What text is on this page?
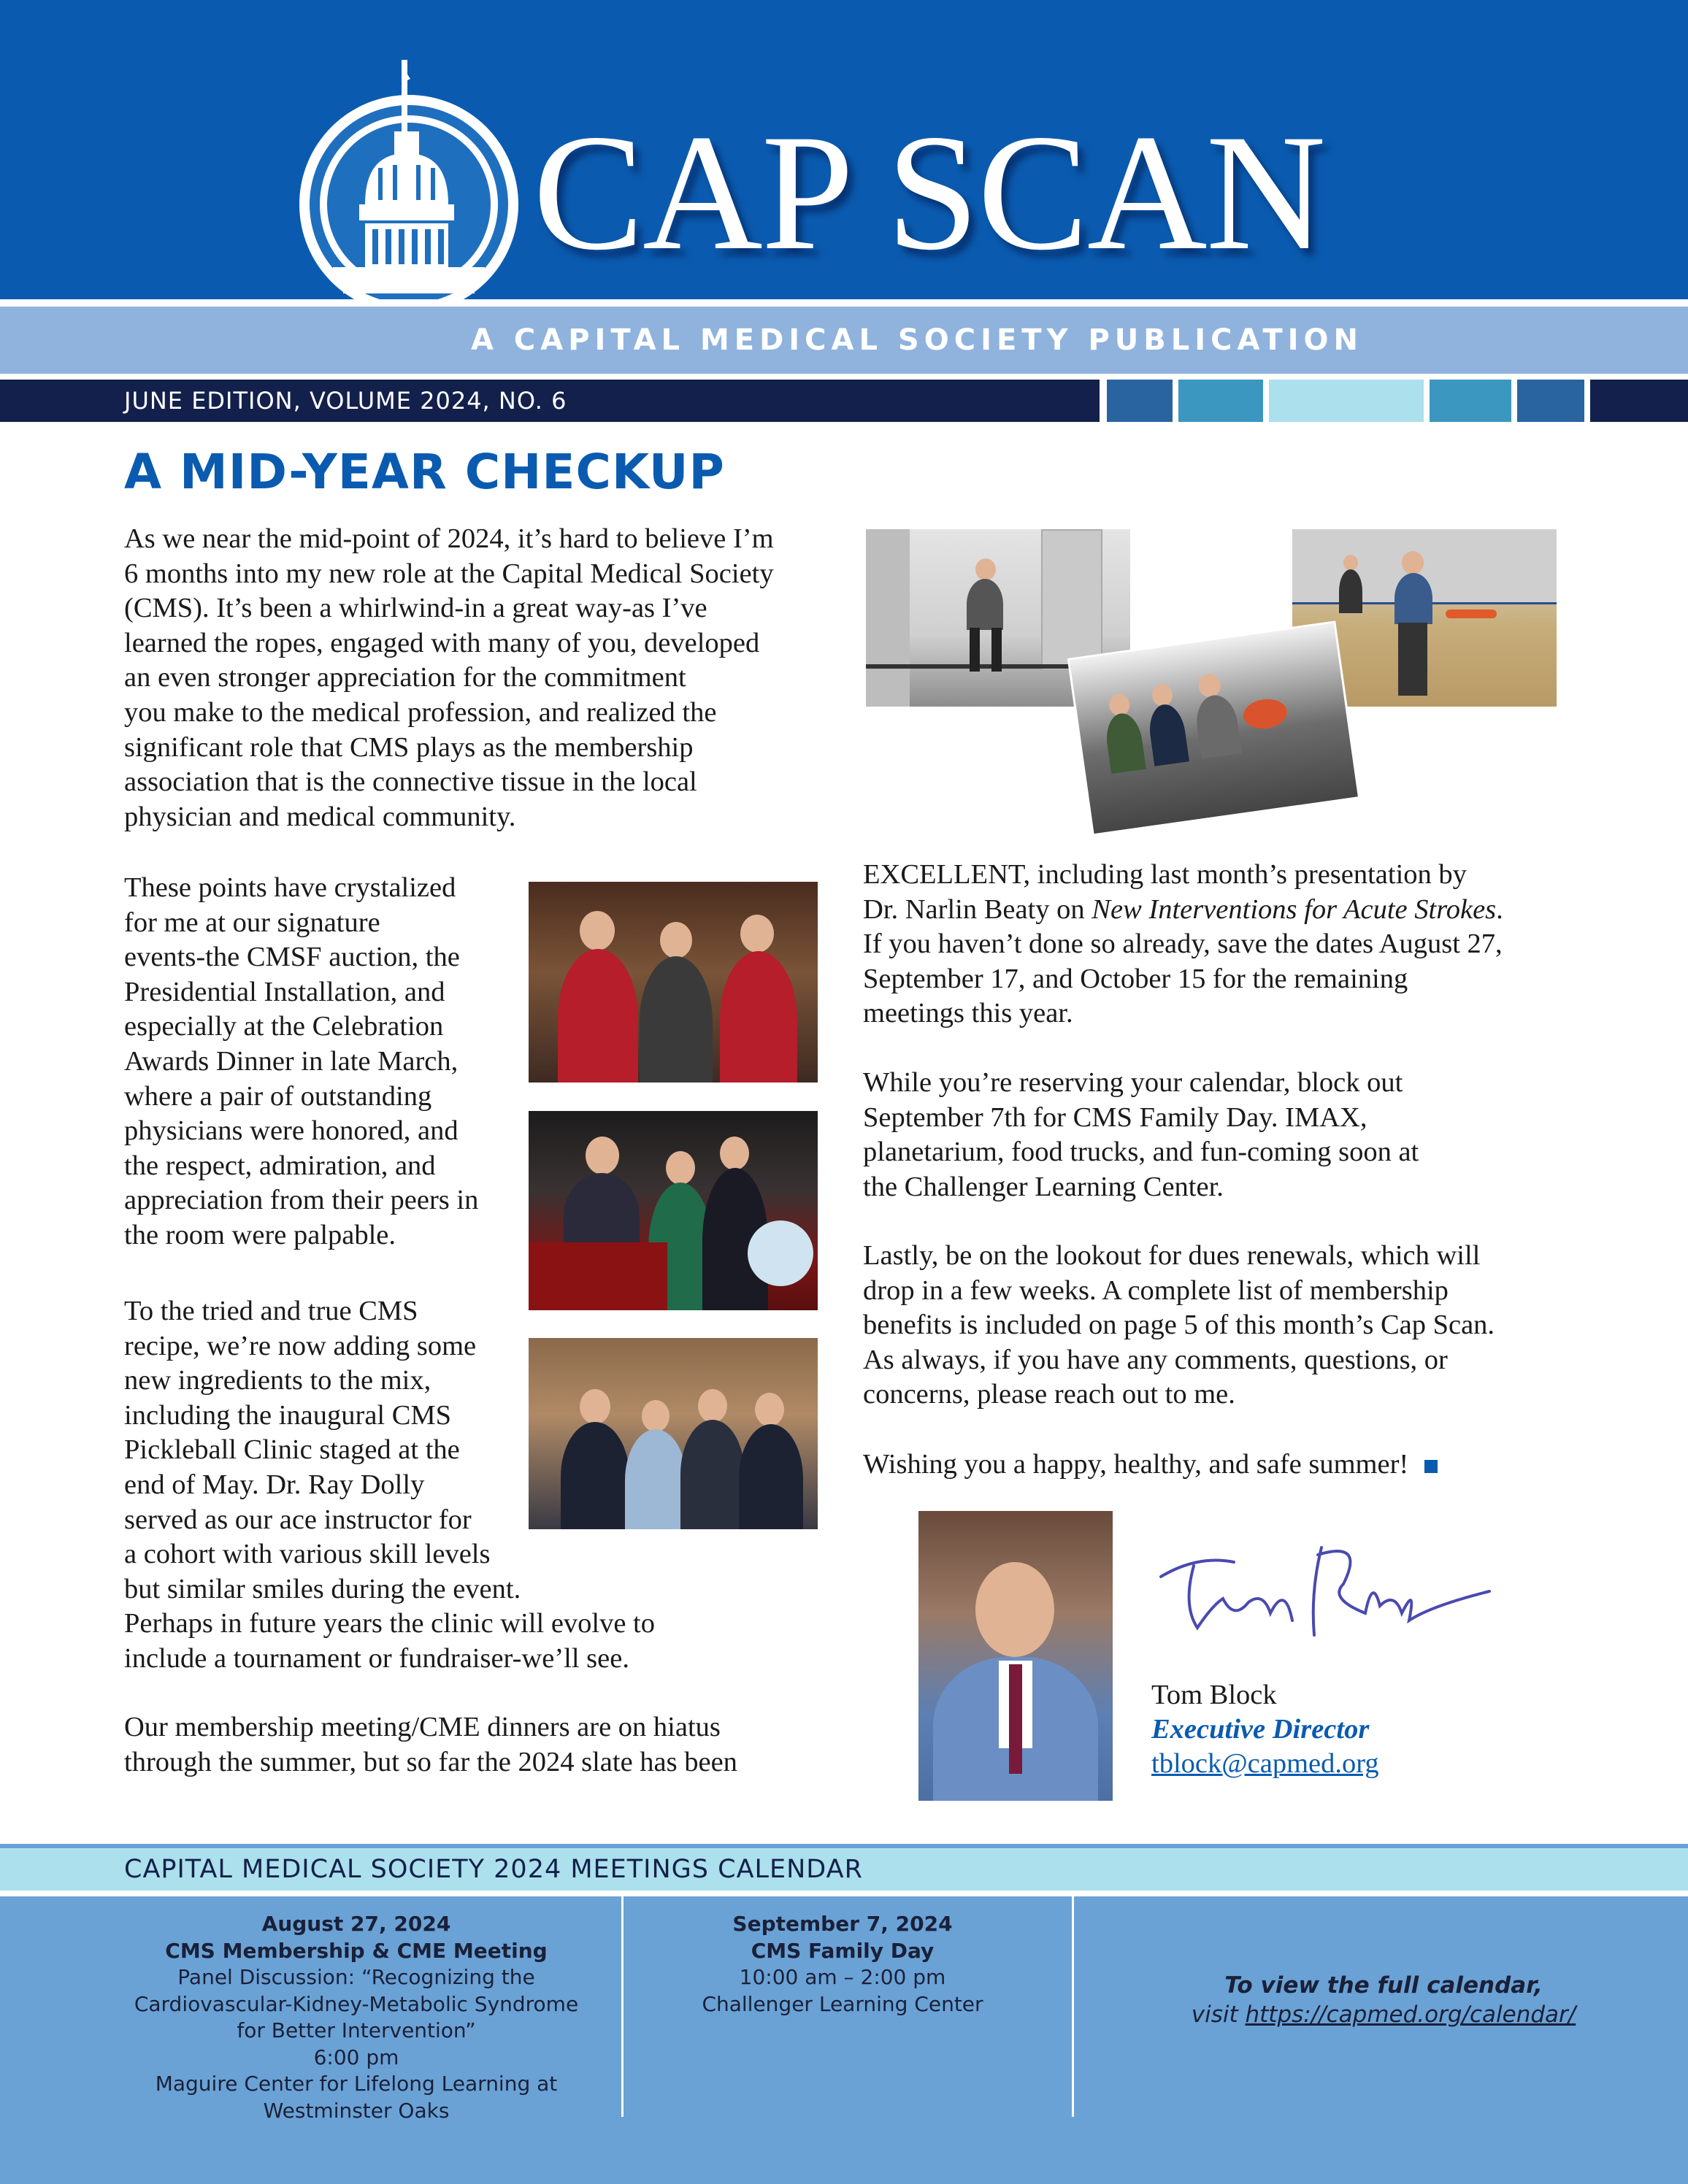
CAP SCAN
A CAPITAL MEDICAL SOCIETY PUBLICATION
JUNE EDITION, VOLUME 2024, NO. 6
A MID-YEAR CHECKUP

As we near the mid-point of 2024, it’s hard to believe I’m
6 months into my new role at the Capital Medical Society
(CMS). It’s been a whirlwind-in a great way-as I’ve
learned the ropes, engaged with many of you, developed
an even stronger appreciation for the commitment
you make to the medical profession, and realized the
significant role that CMS plays as the membership
association that is the connective tissue in the local
physician and medical community.

These points have crystalized
for me at our signature
events-the CMSF auction, the
Presidential Installation, and
especially at the Celebration
Awards Dinner in late March,
where a pair of outstanding
physicians were honored, and
the respect, admiration, and
appreciation from their peers in
the room were palpable.

To the tried and true CMS
recipe, we’re now adding some
new ingredients to the mix,
including the inaugural CMS
Pickleball Clinic staged at the
end of May. Dr. Ray Dolly
served as our ace instructor for
a cohort with various skill levels
but similar smiles during the event.
Perhaps in future years the clinic will evolve to
include a tournament or fundraiser-we’ll see.

Our membership meeting/CME dinners are on hiatus
through the summer, but so far the 2024 slate has been

EXCELLENT, including last month’s presentation by
Dr. Narlin Beaty on New Interventions for Acute Strokes.
If you haven’t done so already, save the dates August 27,
September 17, and October 15 for the remaining
meetings this year.

While you’re reserving your calendar, block out
September 7th for CMS Family Day. IMAX,
planetarium, food trucks, and fun-coming soon at
the Challenger Learning Center.

Lastly, be on the lookout for dues renewals, which will
drop in a few weeks. A complete list of membership
benefits is included on page 5 of this month’s Cap Scan.
As always, if you have any comments, questions, or
concerns, please reach out to me.

Wishing you a happy, healthy, and safe summer!

Tom Block
Executive Director
tblock@capmed.org
CAPITAL MEDICAL SOCIETY 2024 MEETINGS CALENDAR
August 27, 2024
CMS Membership & CME Meeting
Panel Discussion: “Recognizing the
Cardiovascular-Kidney-Metabolic Syndrome
for Better Intervention”
6:00 pm
Maguire Center for Lifelong Learning at
Westminster Oaks
September 7, 2024
CMS Family Day
10:00 am – 2:00 pm
Challenger Learning Center
To view the full calendar,
visit https://capmed.org/calendar/
